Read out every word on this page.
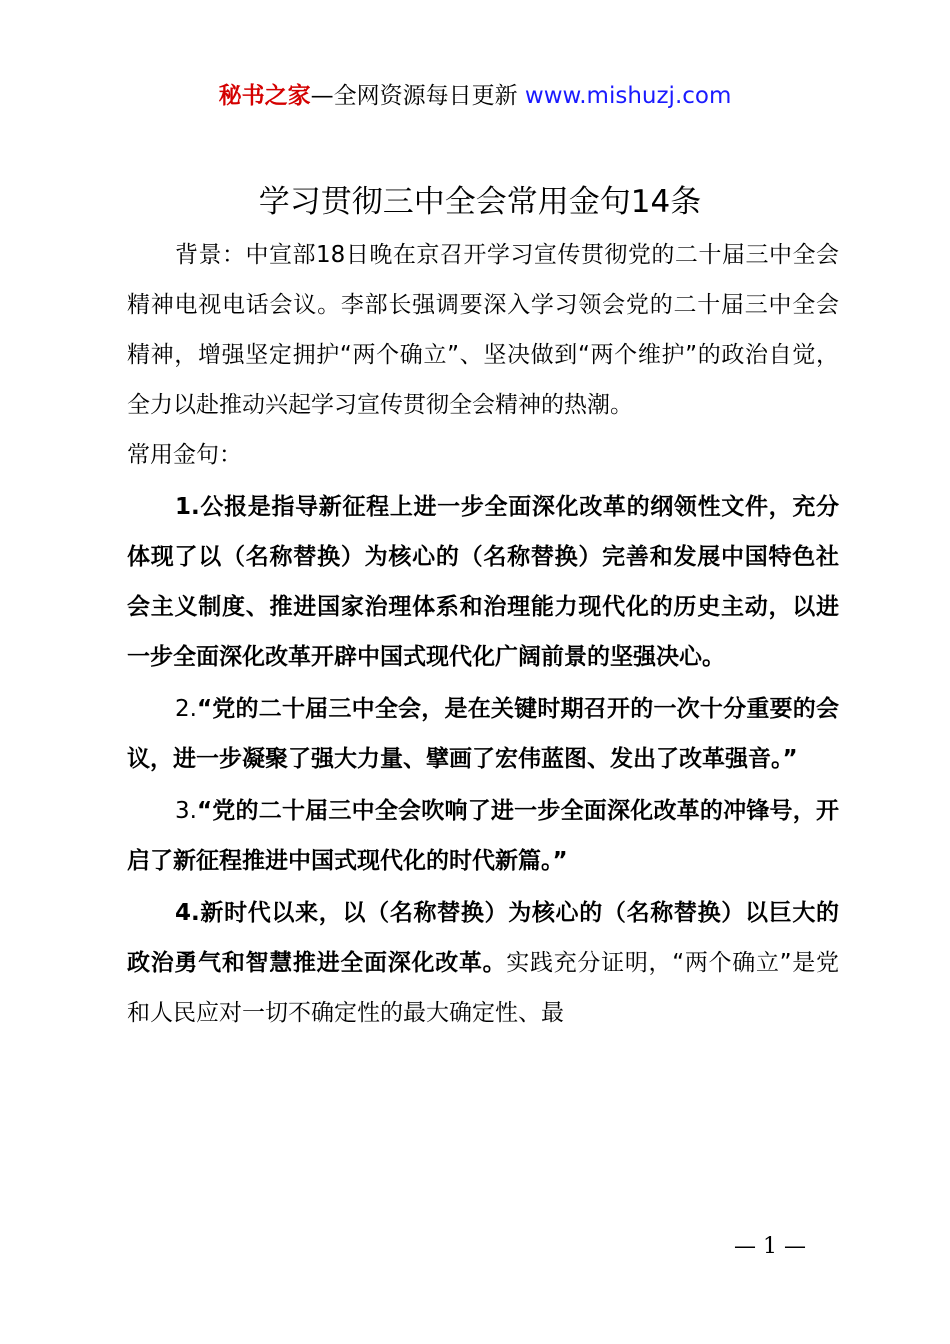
秘书之家—全网资源每日更新 www.mishuzj.com
学习贯彻三中全会常用金句14条

背景：中宣部18日晚在京召开学习宣传贯彻党的二十届三中全会精神电视电话会议。李部长强调要深入学习领会党的二十届三中全会精神，增强坚定拥护“两个确立”、坚决做到“两个维护”的政治自觉，全力以赴推动兴起学习宣传贯彻全会精神的热潮。

常用金句：

1.公报是指导新征程上进一步全面深化改革的纲领性文件，充分体现了以（名称替换）为核心的（名称替换）完善和发展中国特色社会主义制度、推进国家治理体系和治理能力现代化的历史主动，以进一步全面深化改革开辟中国式现代化广阔前景的坚强决心。

2.“党的二十届三中全会，是在关键时期召开的一次十分重要的会议，进一步凝聚了强大力量、擘画了宏伟蓝图、发出了改革强音。”

3.“党的二十届三中全会吹响了进一步全面深化改革的冲锋号，开启了新征程推进中国式现代化的时代新篇。”

4.新时代以来，以（名称替换）为核心的（名称替换）以巨大的政治勇气和智慧推进全面深化改革。实践充分证明，“两个确立”是党和人民应对一切不确定性的最大确定性、最

— 1 —
